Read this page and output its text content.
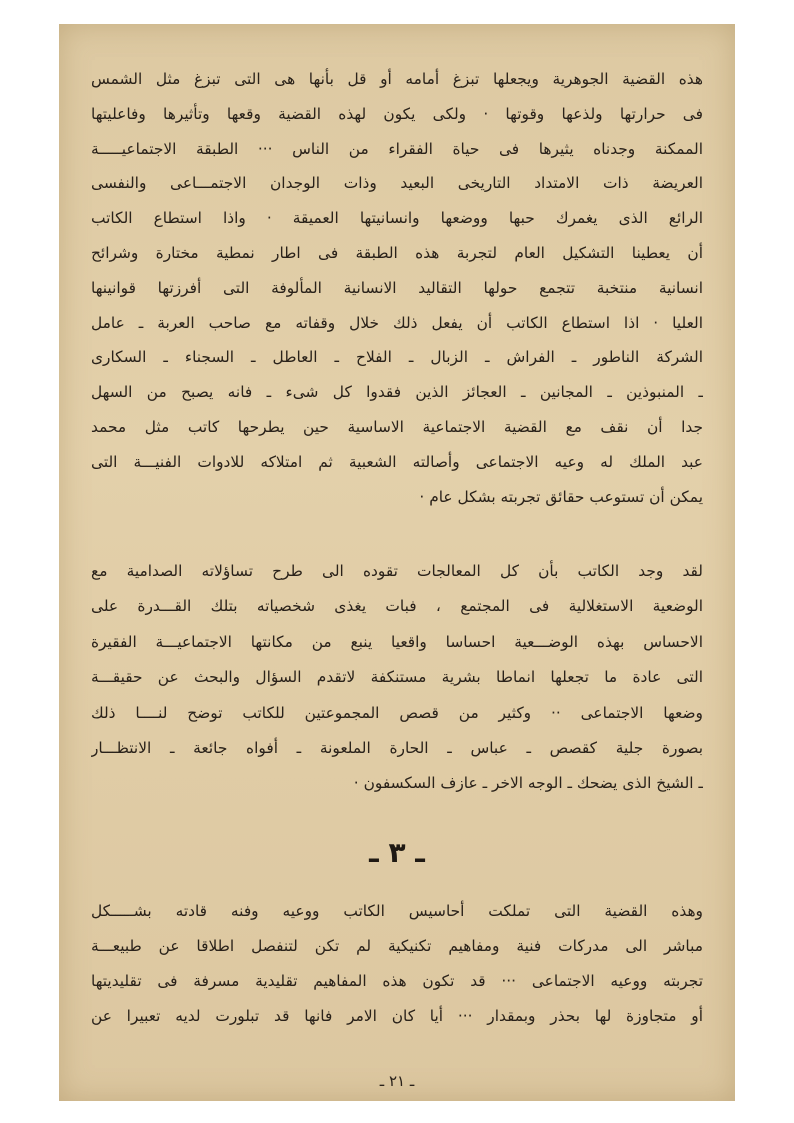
هذه القضية الجوهرية ويجعلها تبزغ أمامه أو قل بأنها هى التى تبزغ مثل الشمس
فى حرارتها ولذعها وقوتها · ولكى يكون لهذه القضية وقعها وتأثيرها وفاعليتها
الممكنة وجدناه يثيرها فى حياة الفقراء من الناس ··· الطبقة الاجتماعيـــــة
العريضة ذات الامتداد التاريخى البعيد وذات الوجدان الاجتمـــاعى والنفسى
الرائع الذى يغمرك حبها ووضعها وانسانيتها العميقة · واذا استطاع الكاتب
أن يعطينا التشكيل العام لتجربة هذه الطبقة فى اطار نمطية مختارة وشرائح
انسانية منتخبة تتجمع حولها التقاليد الانسانية المألوفة التى أفرزتها قوانينها
العليا · اذا استطاع الكاتب أن يفعل ذلك خلال وقفاته مع صاحب العربة ـ عامل
الشركة الناطور ـ الفراش ـ الزبال ـ الفلاح ـ العاطل ـ السجناء ـ السكارى
ـ المنبوذين ـ المجانين ـ العجائز الذين فقدوا كل شىء ـ فانه يصبح من السهل
جدا أن نقف مع القضية الاجتماعية الاساسية حين يطرحها كاتب مثل محمد
عبد الملك له وعيه الاجتماعى وأصالته الشعبية ثم امتلاكه للادوات الفنيـــة التى
يمكن أن تستوعب حقائق تجربته بشكل عام ·
لقد وجد الكاتب بأن كل المعالجات تقوده الى طرح تساؤلاته الصدامية مع
الوضعية الاستغلالية فى المجتمع ، فبات يغذى شخصياته بتلك القـــدرة على
الاحساس بهذه الوضـــعية احساسا واقعيا ينبع من مكانتها الاجتماعيـــة الفقيرة
التى عادة ما تجعلها انماطا بشرية مستنكفة لاتقدم السؤال والبحث عن حقيقـــة
وضعها الاجتماعى ·· وكثير من قصص المجموعتين للكاتب توضح لنــــا ذلك
بصورة جلية كقصص ـ عباس ـ الحارة الملعونة ـ أفواه جائعة ـ الانتظـــار
ـ الشيخ الذى يضحك ـ الوجه الاخر ـ عازف السكسفون ·
ـ ٣ ـ
وهذه القضية التى تملكت أحاسيس الكاتب ووعيه وفنه قادته بشـــــكل
مباشر الى مدركات فنية ومفاهيم تكنيكية لم تكن لتنفصل اطلاقا عن طبيعـــة
تجربته ووعيه الاجتماعى ··· قد تكون هذه المفاهيم تقليدية مسرفة فى تقليديتها
أو متجاوزة لها بحذر وبمقدار ··· أيا كان الامر فانها قد تبلورت لديه تعبيرا عن
ـ ٢١ ـ
